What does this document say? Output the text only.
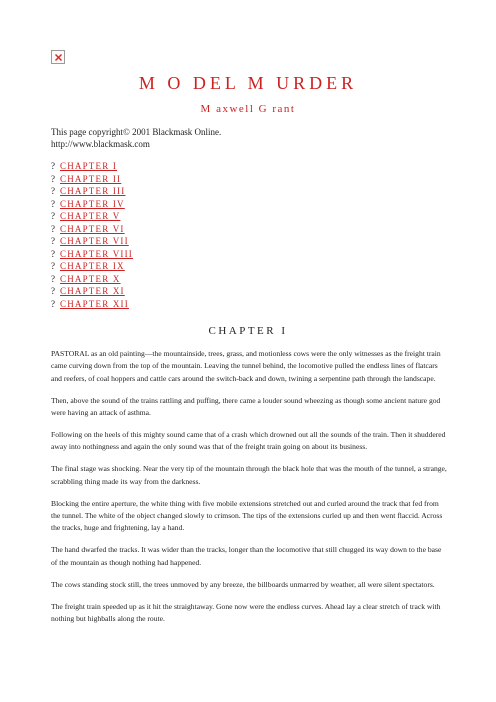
M O DEL M URDER
M axwell G rant
This page copyright© 2001 Blackmask Online.
http://www.blackmask.com
? CHAPTER I
? CHAPTER II
? CHAPTER III
? CHAPTER IV
? CHAPTER V
? CHAPTER VI
? CHAPTER VII
? CHAPTER VIII
? CHAPTER IX
? CHAPTER X
? CHAPTER XI
? CHAPTER XII
CHAPTER I

PASTORAL as an old painting—the mountainside, trees, grass, and motionless cows were the only witnesses as the freight train came curving down from the top of the mountain. Leaving the tunnel behind, the locomotive pulled the endless lines of flatcars and reefers, of coal hoppers and cattle cars around the switch-back and down, twining a serpentine path through the landscape.

Then, above the sound of the trains rattling and puffing, there came a louder sound wheezing as though some ancient nature god were having an attack of asthma.

Following on the heels of this mighty sound came that of a crash which drowned out all the sounds of the train. Then it shuddered away into nothingness and again the only sound was that of the freight train going on about its business.

The final stage was shocking. Near the very tip of the mountain through the black hole that was the mouth of the tunnel, a strange, scrabbling thing made its way from the darkness.

Blocking the entire aperture, the white thing with five mobile extensions stretched out and curled around the track that fed from the tunnel. The white of the object changed slowly to crimson. The tips of the extensions curled up and then went flaccid. Across the tracks, huge and frightening, lay a hand.

The hand dwarfed the tracks. It was wider than the tracks, longer than the locomotive that still chugged its way down to the base of the mountain as though nothing had happened.

The cows standing stock still, the trees unmoved by any breeze, the billboards unmarred by weather, all were silent spectators.

The freight train speeded up as it hit the straightaway. Gone now were the endless curves. Ahead lay a clear stretch of track with nothing but highballs along the route.
